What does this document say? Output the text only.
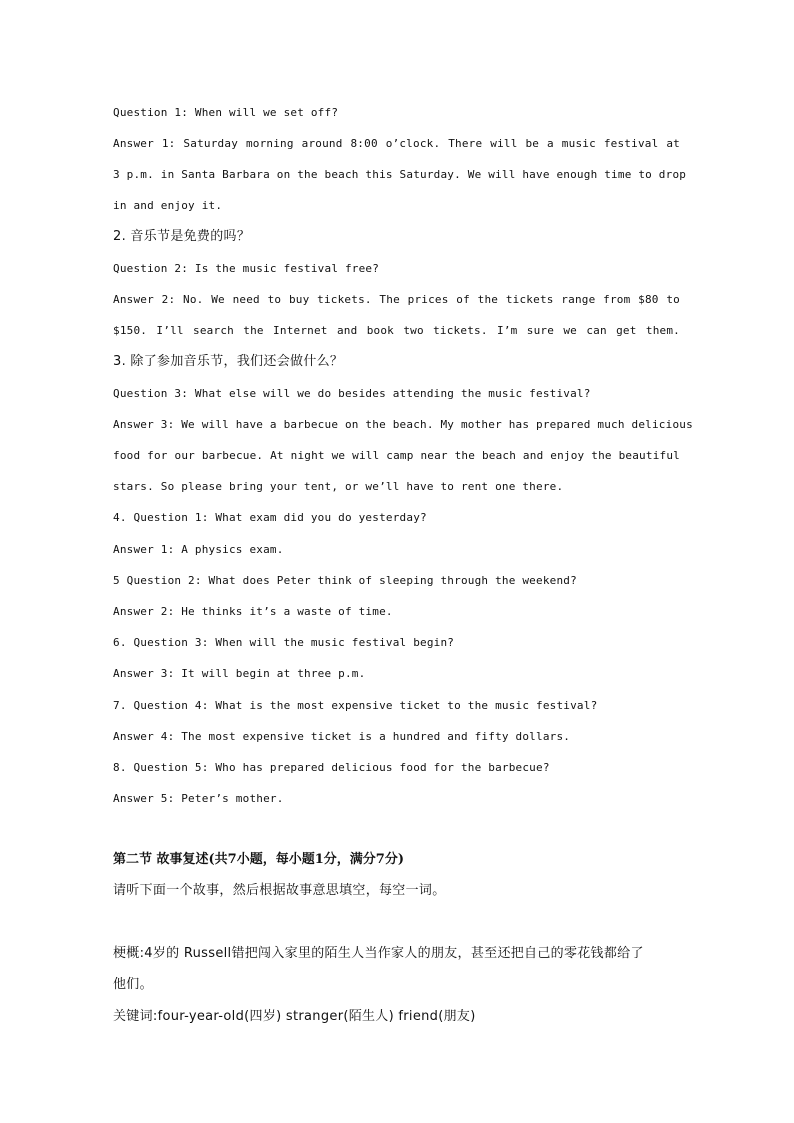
Question 1: When will we set off?
Answer 1: Saturday morning around 8:00 o’clock. There will be a music festival at
3 p.m. in Santa Barbara on the beach this Saturday. We will have enough time to drop
in and enjoy it.
2. 音乐节是免费的吗？
Question 2: Is the music festival free?
Answer 2: No. We need to buy tickets. The prices of the tickets range from $80 to
$150. I’ll search the Internet and book two tickets. I’m sure we can get them.
3. 除了参加音乐节，我们还会做什么？
Question 3: What else will we do besides attending the music festival?
Answer 3: We will have a barbecue on the beach. My mother has prepared much delicious
food for our barbecue. At night we will camp near the beach and enjoy the beautiful
stars. So please bring your tent, or we’ll have to rent one there.
4. Question 1: What exam did you do yesterday?
Answer 1: A physics exam.
5 Question 2: What does Peter think of sleeping through the weekend?
Answer 2: He thinks it’s a waste of time.
6. Question 3: When will the music festival begin?
Answer 3: It will begin at three p.m.
7. Question 4: What is the most expensive ticket to the music festival?
Answer 4: The most expensive ticket is a hundred and fifty dollars.
8. Question 5: Who has prepared delicious food for the barbecue?
Answer 5: Peter’s mother.
第二节 故事复述(共7小题，每小题1分，满分7分)
请听下面一个故事，然后根据故事意思填空，每空一词。
梗概:4岁的 Russell错把闯入家里的陌生人当作家人的朋友，甚至还把自己的零花钱都给了
他们。
关键词:four-year-old(四岁) stranger(陌生人) friend(朋友)
